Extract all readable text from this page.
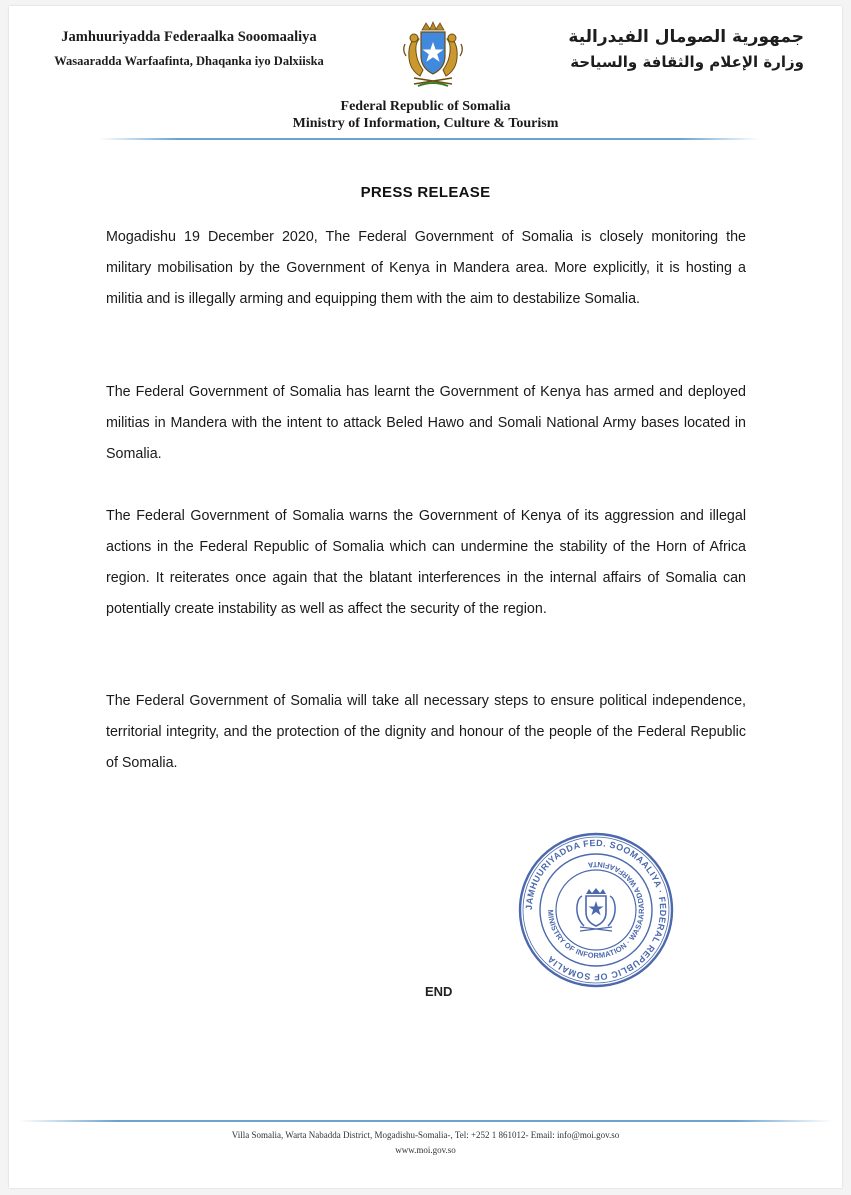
Jamhuuriyadda Federaalka Sooomaaliya
Wasaaradda Warfaafinta, Dhaqanka iyo Dalxiiska
جمهورية الصومال الفيدرالية
وزارة الإعلام والثقافة والسياحة
Federal Republic of Somalia
Ministry of Information, Culture & Tourism
PRESS RELEASE
Mogadishu 19 December 2020, The Federal Government of Somalia is closely monitoring the military mobilisation by the Government of Kenya in Mandera area. More explicitly, it is hosting a militia and is illegally arming and equipping them with the aim to destabilize Somalia.
The Federal Government of Somalia has learnt the Government of Kenya has armed and deployed militias in Mandera with the intent to attack Beled Hawo and Somali National Army bases located in Somalia.
The Federal Government of Somalia warns the Government of Kenya of its aggression and illegal actions in the Federal Republic of Somalia which can undermine the stability of the Horn of Africa region. It reiterates once again that the blatant interferences in the internal affairs of Somalia can potentially create instability as well as affect the security of the region.
The Federal Government of Somalia will take all necessary steps to ensure political independence, territorial integrity, and the protection of the dignity and honour of the people of the Federal Republic of Somalia.
JAMHUURIYADDA FED. SOOMAALIYA · FEDERAL REPUBLIC OF SOMALIA
MINISTRY OF INFORMATION · WASAARADDA WARFAAFINTA
END
Villa Somalia, Warta Nabadda District, Mogadishu-Somalia-, Tel: +252 1 861012- Email: info@moi.gov.so
www.moi.gov.so
